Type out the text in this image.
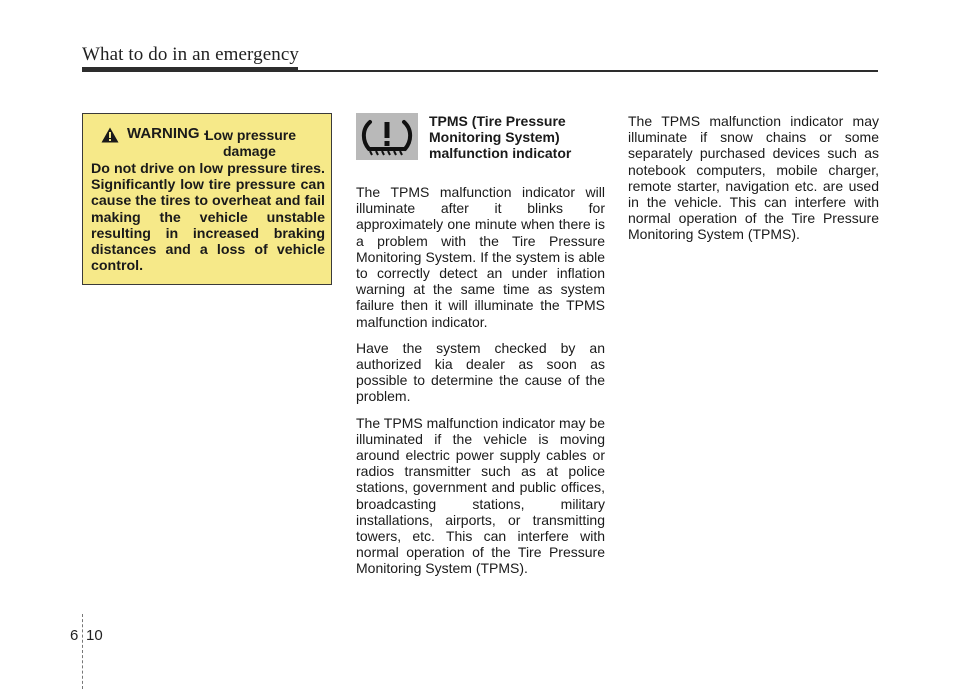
What to do in an emergency
WARNING -
Low pressure
damage
Do not drive on low pressure tires. Significantly low tire pressure can cause the tires to overheat and fail making the vehicle unstable resulting in increased braking distances and a loss of vehicle control.
TPMS (Tire Pressure
Monitoring System)
malfunction indicator

The TPMS malfunction indicator will illuminate after it blinks for approximately one minute when there is a problem with the Tire Pressure Monitoring System. If the system is able to correctly detect an under inflation warning at the same time as system failure then it will illuminate the TPMS malfunction indicator.

Have the system checked by an authorized kia dealer as soon as possible to determine the cause of the problem.

The TPMS malfunction indicator may be illuminated if the vehicle is moving around electric power supply cables or radios transmitter such as at police stations, government and public offices, broadcasting stations, military installations, airports, or transmitting towers, etc. This can interfere with normal operation of the Tire Pressure Monitoring System (TPMS).

The TPMS malfunction indicator may illuminate if snow chains or some separately purchased devices such as notebook computers, mobile charger, remote starter, navigation etc. are used in the vehicle. This can interfere with normal operation of the Tire Pressure Monitoring System (TPMS).

6 10
